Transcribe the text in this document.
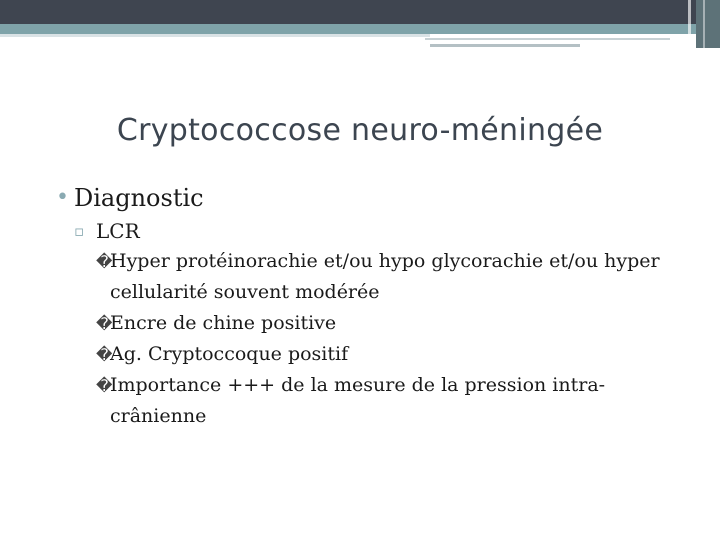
Cryptococcose neuro-méningée
• Diagnostic
▫ LCR
�
Hyper protéinorachie et/ou hypo glycorachie et/ou hyper cellularité souvent modérée
�
Encre de chine positive
�
Ag. Cryptoccoque positif
�
Importance +++ de la mesure de la pression intra-crânienne
